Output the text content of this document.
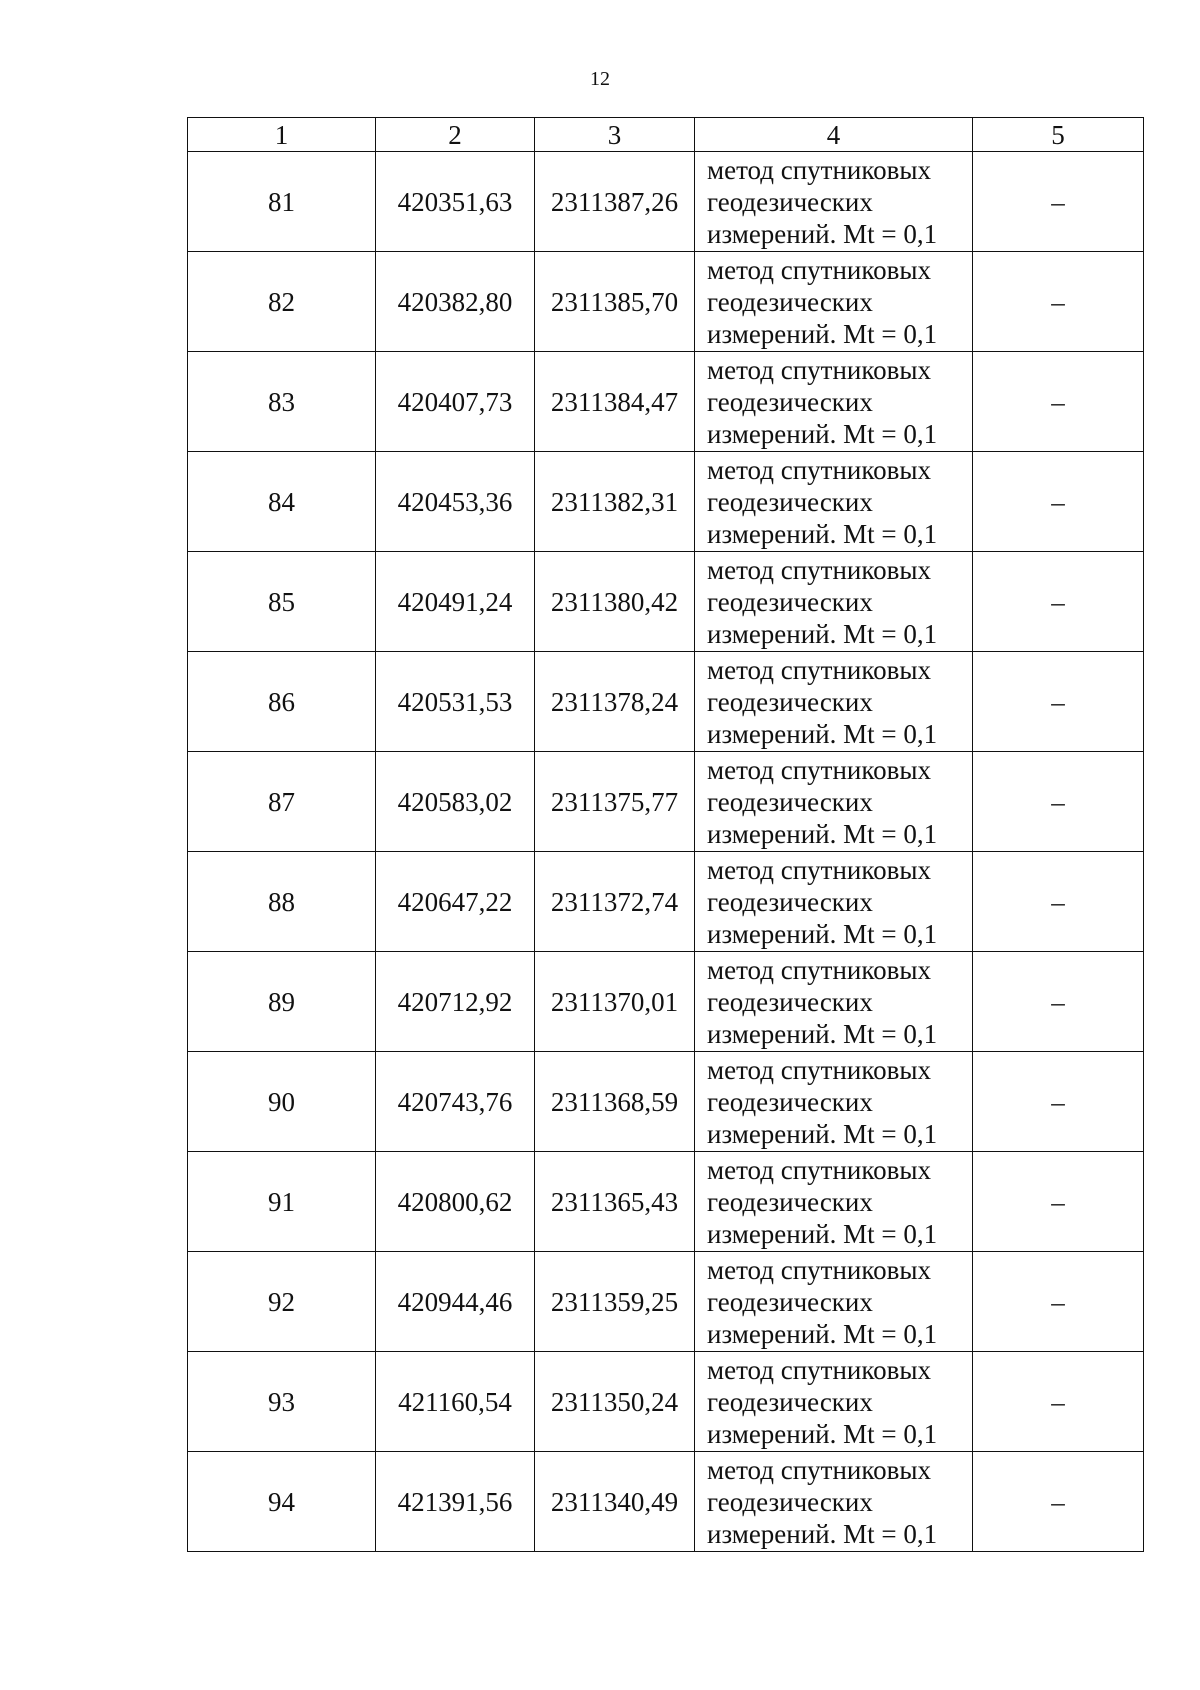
12
1	2	3	4	5
81	420351,63	2311387,26	метод спутниковых
геодезических
измерений. Mt = 0,1	–
82	420382,80	2311385,70	метод спутниковых
геодезических
измерений. Mt = 0,1	–
83	420407,73	2311384,47	метод спутниковых
геодезических
измерений. Mt = 0,1	–
84	420453,36	2311382,31	метод спутниковых
геодезических
измерений. Mt = 0,1	–
85	420491,24	2311380,42	метод спутниковых
геодезических
измерений. Mt = 0,1	–
86	420531,53	2311378,24	метод спутниковых
геодезических
измерений. Mt = 0,1	–
87	420583,02	2311375,77	метод спутниковых
геодезических
измерений. Mt = 0,1	–
88	420647,22	2311372,74	метод спутниковых
геодезических
измерений. Mt = 0,1	–
89	420712,92	2311370,01	метод спутниковых
геодезических
измерений. Mt = 0,1	–
90	420743,76	2311368,59	метод спутниковых
геодезических
измерений. Mt = 0,1	–
91	420800,62	2311365,43	метод спутниковых
геодезических
измерений. Mt = 0,1	–
92	420944,46	2311359,25	метод спутниковых
геодезических
измерений. Mt = 0,1	–
93	421160,54	2311350,24	метод спутниковых
геодезических
измерений. Mt = 0,1	–
94	421391,56	2311340,49	метод спутниковых
геодезических
измерений. Mt = 0,1	–
